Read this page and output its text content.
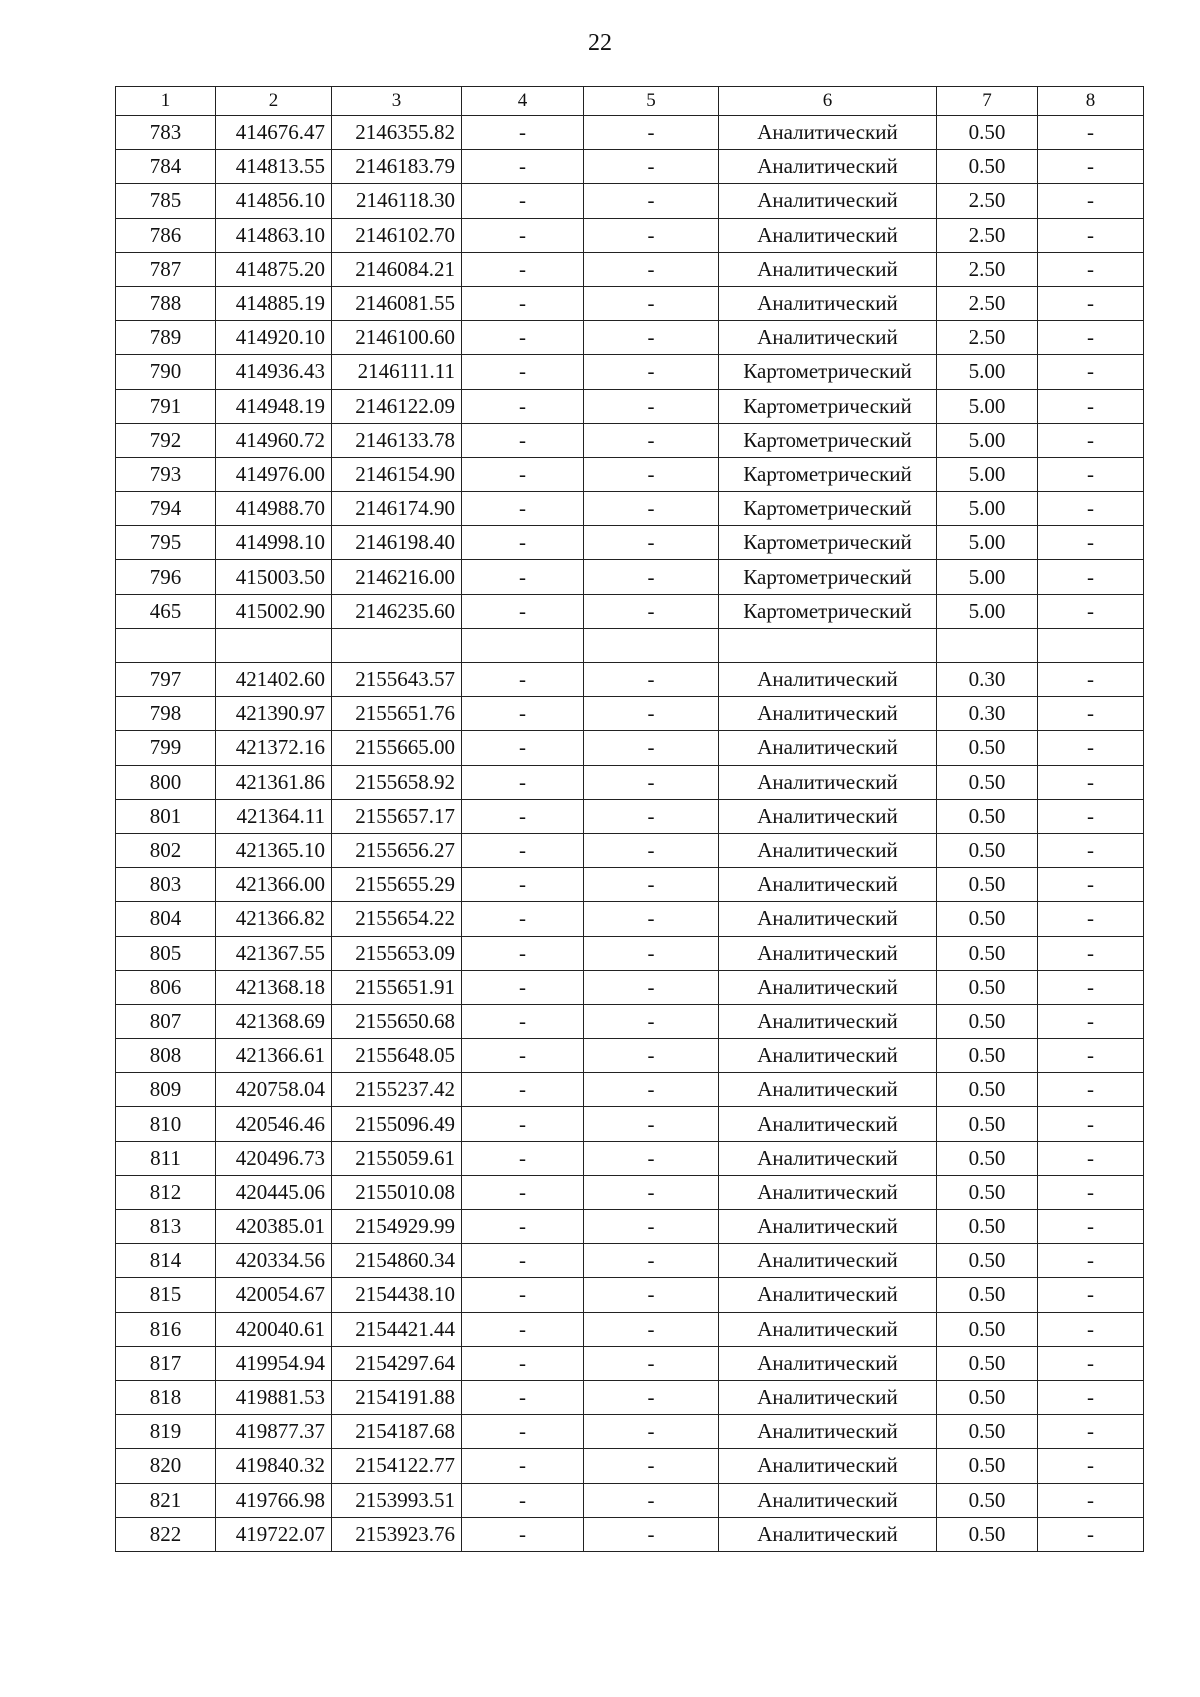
22
1	2	3	4	5	6	7	8
783	414676.47	2146355.82	-	-	Аналитический	0.50	-
784	414813.55	2146183.79	-	-	Аналитический	0.50	-
785	414856.10	2146118.30	-	-	Аналитический	2.50	-
786	414863.10	2146102.70	-	-	Аналитический	2.50	-
787	414875.20	2146084.21	-	-	Аналитический	2.50	-
788	414885.19	2146081.55	-	-	Аналитический	2.50	-
789	414920.10	2146100.60	-	-	Аналитический	2.50	-
790	414936.43	2146111.11	-	-	Картометрический	5.00	-
791	414948.19	2146122.09	-	-	Картометрический	5.00	-
792	414960.72	2146133.78	-	-	Картометрический	5.00	-
793	414976.00	2146154.90	-	-	Картометрический	5.00	-
794	414988.70	2146174.90	-	-	Картометрический	5.00	-
795	414998.10	2146198.40	-	-	Картометрический	5.00	-
796	415003.50	2146216.00	-	-	Картометрический	5.00	-
465	415002.90	2146235.60	-	-	Картометрический	5.00	-

797	421402.60	2155643.57	-	-	Аналитический	0.30	-
798	421390.97	2155651.76	-	-	Аналитический	0.30	-
799	421372.16	2155665.00	-	-	Аналитический	0.50	-
800	421361.86	2155658.92	-	-	Аналитический	0.50	-
801	421364.11	2155657.17	-	-	Аналитический	0.50	-
802	421365.10	2155656.27	-	-	Аналитический	0.50	-
803	421366.00	2155655.29	-	-	Аналитический	0.50	-
804	421366.82	2155654.22	-	-	Аналитический	0.50	-
805	421367.55	2155653.09	-	-	Аналитический	0.50	-
806	421368.18	2155651.91	-	-	Аналитический	0.50	-
807	421368.69	2155650.68	-	-	Аналитический	0.50	-
808	421366.61	2155648.05	-	-	Аналитический	0.50	-
809	420758.04	2155237.42	-	-	Аналитический	0.50	-
810	420546.46	2155096.49	-	-	Аналитический	0.50	-
811	420496.73	2155059.61	-	-	Аналитический	0.50	-
812	420445.06	2155010.08	-	-	Аналитический	0.50	-
813	420385.01	2154929.99	-	-	Аналитический	0.50	-
814	420334.56	2154860.34	-	-	Аналитический	0.50	-
815	420054.67	2154438.10	-	-	Аналитический	0.50	-
816	420040.61	2154421.44	-	-	Аналитический	0.50	-
817	419954.94	2154297.64	-	-	Аналитический	0.50	-
818	419881.53	2154191.88	-	-	Аналитический	0.50	-
819	419877.37	2154187.68	-	-	Аналитический	0.50	-
820	419840.32	2154122.77	-	-	Аналитический	0.50	-
821	419766.98	2153993.51	-	-	Аналитический	0.50	-
822	419722.07	2153923.76	-	-	Аналитический	0.50	-
